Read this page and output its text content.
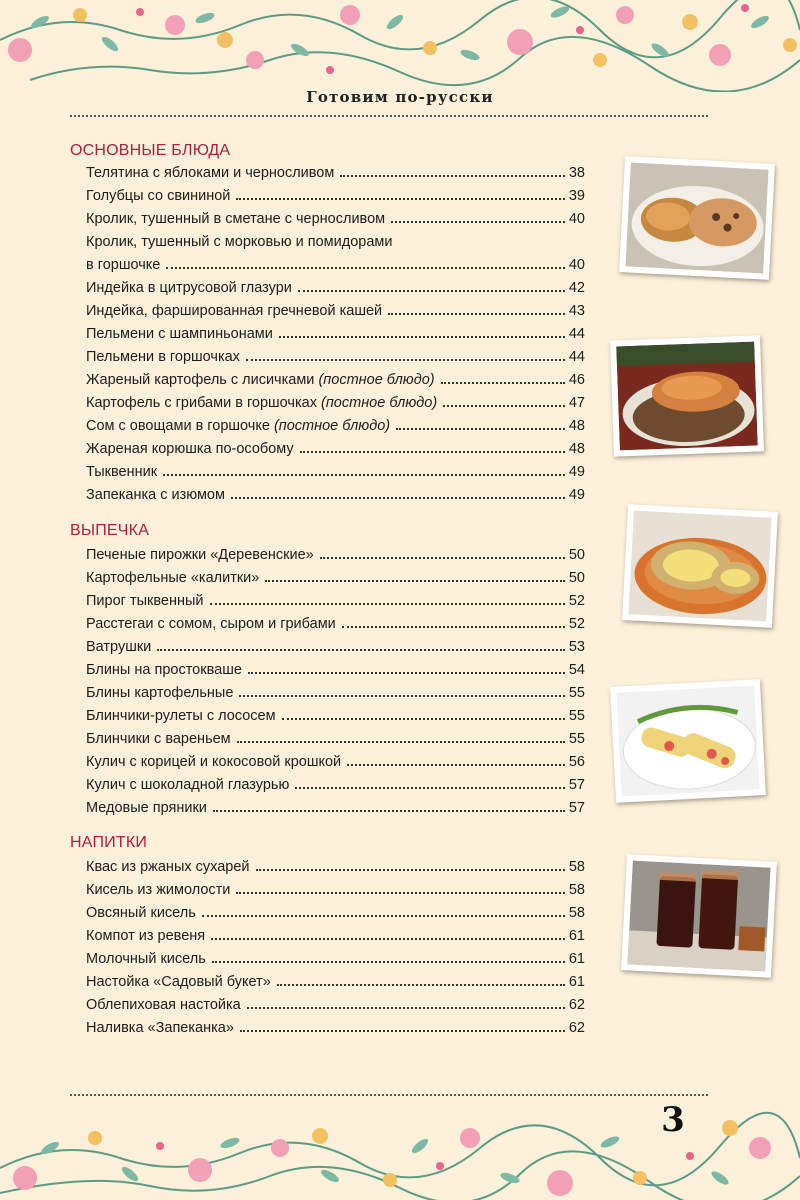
Готовим по-русски
ОСНОВНЫЕ БЛЮДА
Телятина с яблоками и черносливом	38
Голубцы со свининой	39
Кролик, тушенный в сметане с черносливом	40
Кролик, тушенный с морковью и помидорами
в горшочке	40
Индейка в цитрусовой глазури	42
Индейка, фаршированная гречневой кашей	43
Пельмени с шампиньонами	44
Пельмени в горшочках	44
Жареный картофель с лисичками (постное блюдо)	46
Картофель с грибами в горшочках (постное блюдо)	47
Сом с овощами в горшочке (постное блюдо)	48
Жареная корюшка по-особому	48
Тыквенник	49
Запеканка с изюмом	49
ВЫПЕЧКА
Печеные пирожки «Деревенские»	50
Картофельные «калитки»	50
Пирог тыквенный	52
Расстегаи с сомом, сыром и грибами	52
Ватрушки	53
Блины на простокваше	54
Блины картофельные	55
Блинчики-рулеты с лососем	55
Блинчики с вареньем	55
Кулич с корицей и кокосовой крошкой	56
Кулич с шоколадной глазурью	57
Медовые пряники	57
НАПИТКИ
Квас из ржаных сухарей	58
Кисель из жимолости	58
Овсяный кисель	58
Компот из ревеня	61
Молочный кисель	61
Настойка «Садовый букет»	61
Облепиховая настойка	62
Наливка «Запеканка»	62
3
